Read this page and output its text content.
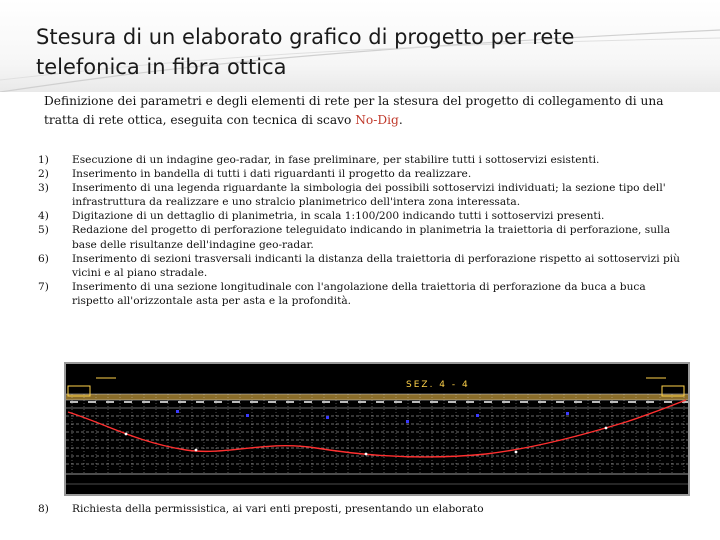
Stesura di un elaborato grafico di progetto per rete telefonica in fibra ottica
Definizione dei parametri e degli elementi di rete per la stesura del progetto di collegamento di una tratta di rete ottica, eseguita con tecnica di scavo No-Dig.
1)	Esecuzione di un indagine geo-radar, in fase preliminare, per stabilire tutti i sottoservizi esistenti.
2)	Inserimento in bandella di tutti i dati riguardanti il progetto da realizzare.
3)	Inserimento di una legenda riguardante la simbologia dei possibili sottoservizi individuati; la sezione tipo dell' infrastruttura da realizzare e uno stralcio planimetrico dell'intera zona interessata.
4)	Digitazione di un dettaglio di planimetria, in scala 1:100/200 indicando tutti i sottoservizi presenti.
5)	Redazione del progetto di perforazione teleguidato indicando in planimetria la traiettoria di perforazione, sulla base delle risultanze dell'indagine geo-radar.
6)	Inserimento di sezioni trasversali indicanti la distanza della traiettoria di perforazione rispetto ai sottoservizi più vicini e al piano stradale.
7)	Inserimento di una sezione longitudinale con l'angolazione della traiettoria di perforazione da buca a buca rispetto all'orizzontale asta per asta e la profondità.
SEZ. 4 - 4
8) Richiesta della permissistica, ai vari enti preposti, presentando un elaborato
